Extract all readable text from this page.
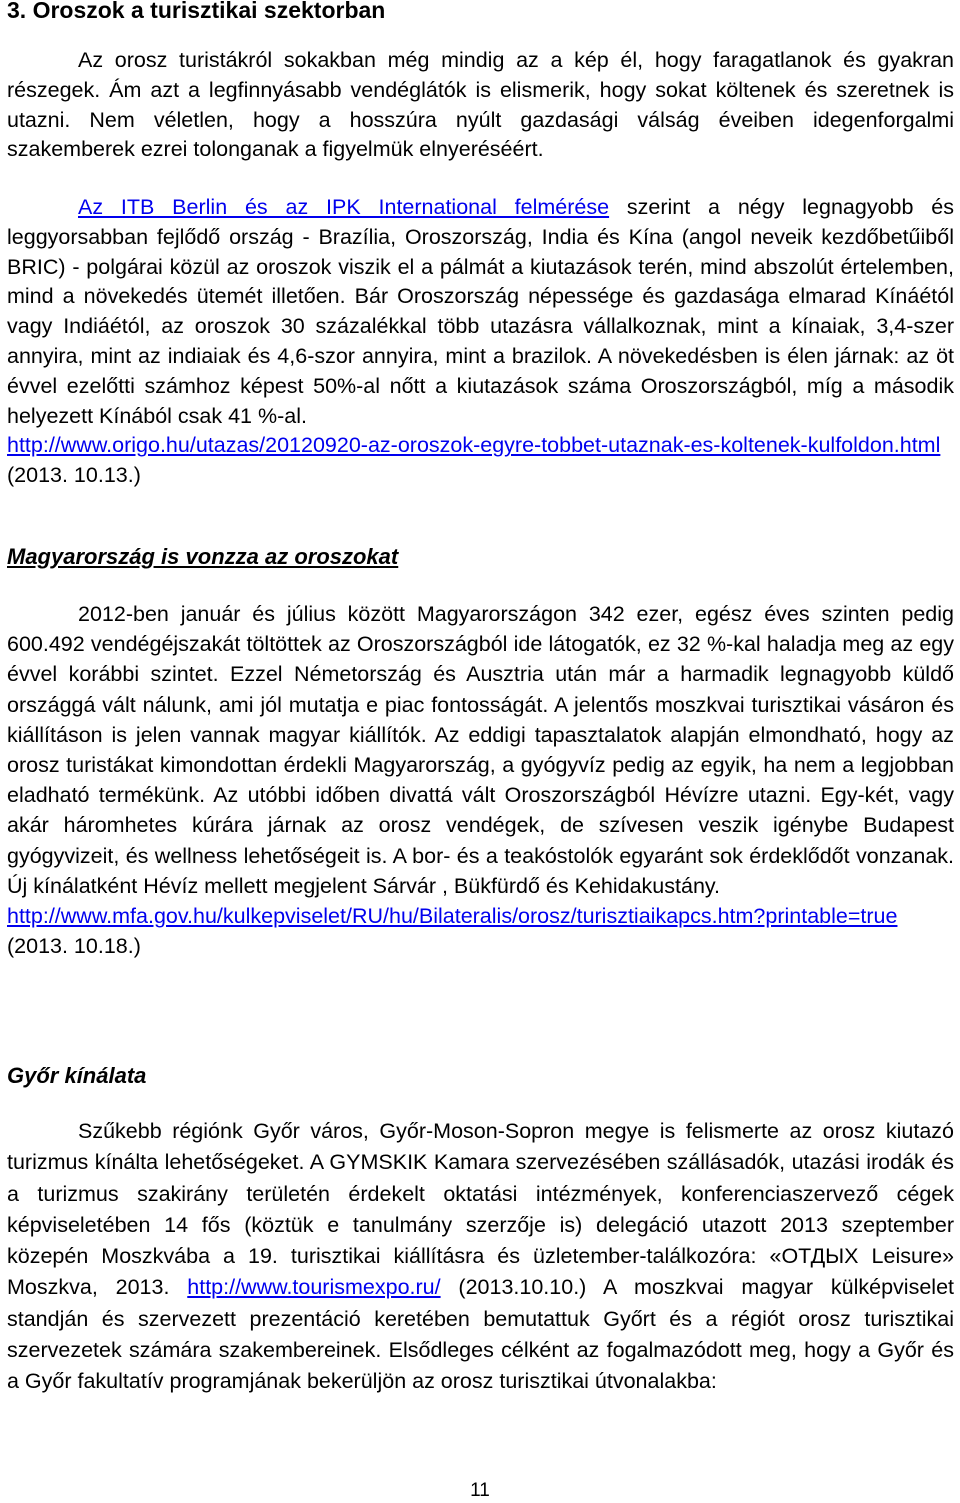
3. Oroszok a turisztikai szektorban

Az orosz turistákról sokakban még mindig az a kép él, hogy faragatlanok és gyakran részegek. Ám azt a legfinnyásabb vendéglátók is elismerik, hogy sokat költenek és szeretnek is utazni. Nem véletlen, hogy a hosszúra nyúlt gazdasági válság éveiben idegenforgalmi szakemberek ezrei tolonganak a figyelmük elnyeréséért.

Az ITB Berlin és az IPK International felmérése szerint a négy legnagyobb és leggyorsabban fejlődő ország - Brazília, Oroszország, India és Kína (angol neveik kezdőbetűiből BRIC) - polgárai közül az oroszok viszik el a pálmát a kiutazások terén, mind abszolút értelemben, mind a növekedés ütemét illetően. Bár Oroszország népessége és gazdasága elmarad Kínáétól vagy Indiáétól, az oroszok 30 százalékkal több utazásra vállalkoznak, mint a kínaiak, 3,4-szer annyira, mint az indiaiak és 4,6-szor annyira, mint a brazilok. A növekedésben is élen járnak: az öt évvel ezelőtti számhoz képest 50%-al nőtt a kiutazások száma Oroszországból, míg a második helyezett Kínából csak 41 %-al.
http://www.origo.hu/utazas/20120920-az-oroszok-egyre-tobbet-utaznak-es-koltenek-kulfoldon.html (2013. 10.13.)

Magyarország is vonzza az oroszokat

2012-ben január és július között Magyarországon 342 ezer, egész éves szinten pedig 600.492 vendégéjszakát töltöttek az Oroszországból ide látogatók, ez 32 %-kal haladja meg az egy évvel korábbi szintet. Ezzel Németország és Ausztria után már a harmadik legnagyobb küldő országgá vált nálunk, ami jól mutatja e piac fontosságát. A jelentős moszkvai turisztikai vásáron és kiállításon is jelen vannak magyar kiállítók. Az eddigi tapasztalatok alapján elmondható, hogy az orosz turistákat kimondottan érdekli Magyarország, a gyógyvíz pedig az egyik, ha nem a legjobban eladható termékünk. Az utóbbi időben divattá vált Oroszországból Hévízre utazni. Egy-két, vagy akár háromhetes kúrára járnak az orosz vendégek, de szívesen veszik igénybe Budapest gyógyvizeit, és wellness lehetőségeit is. A bor- és a teakóstolók egyaránt sok érdeklődőt vonzanak. Új kínálatként Hévíz mellett megjelent Sárvár , Bükfürdő és Kehidakustány.
http://www.mfa.gov.hu/kulkepviselet/RU/hu/Bilateralis/orosz/turisztiaikapcs.htm?printable=true (2013. 10.18.)

Győr kínálata

Szűkebb régiónk Győr város, Győr-Moson-Sopron megye is felismerte az orosz kiutazó turizmus kínálta lehetőségeket. A GYMSKIK Kamara szervezésében szállásadók, utazási irodák és a turizmus szakirány területén érdekelt oktatási intézmények, konferenciaszervező cégek képviseletében 14 fős (köztük e tanulmány szerzője is) delegáció utazott 2013 szeptember közepén Moszkvába a 19. turisztikai kiállításra és üzletember-találkozóra: «ОТДЫХ Leisure» Moszkva, 2013. http://www.tourismexpo.ru/ (2013.10.10.) A moszkvai magyar külképviselet standján és szervezett prezentáció keretében bemutattuk Győrt és a régiót orosz turisztikai szervezetek számára szakembereinek. Elsődleges célként az fogalmazódott meg, hogy a Győr és a Győr fakultatív programjának bekerüljön az orosz turisztikai útvonalakba:

11
